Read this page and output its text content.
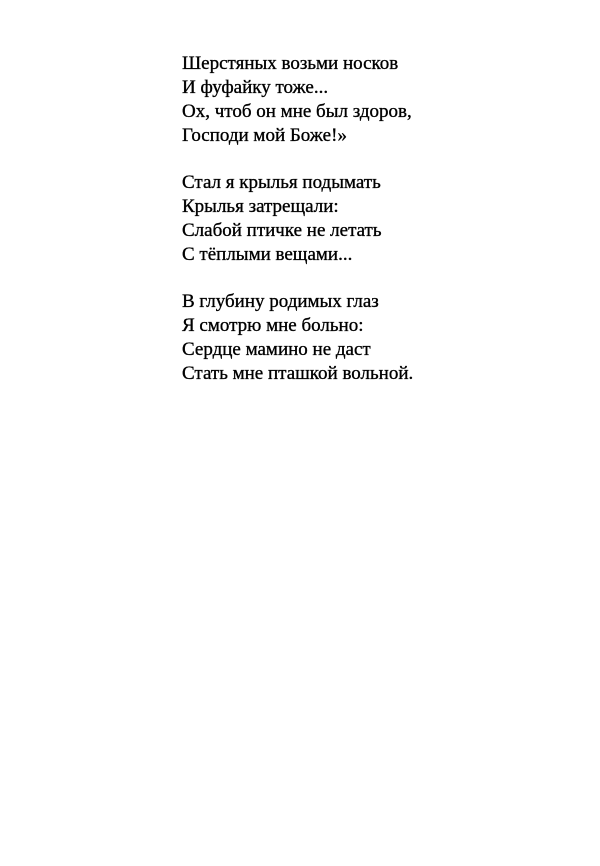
Шерстяных возьми носков
И фуфайку тоже...
Ох, чтоб он мне был здоров,
Господи мой Боже!»
Стал я крылья подымать
Крылья затрещали:
Слабой птичке не летать
С тёплыми вещами...
В глубину родимых глаз
Я смотрю мне больно:
Сердце мамино не даст
Стать мне пташкой вольной.
